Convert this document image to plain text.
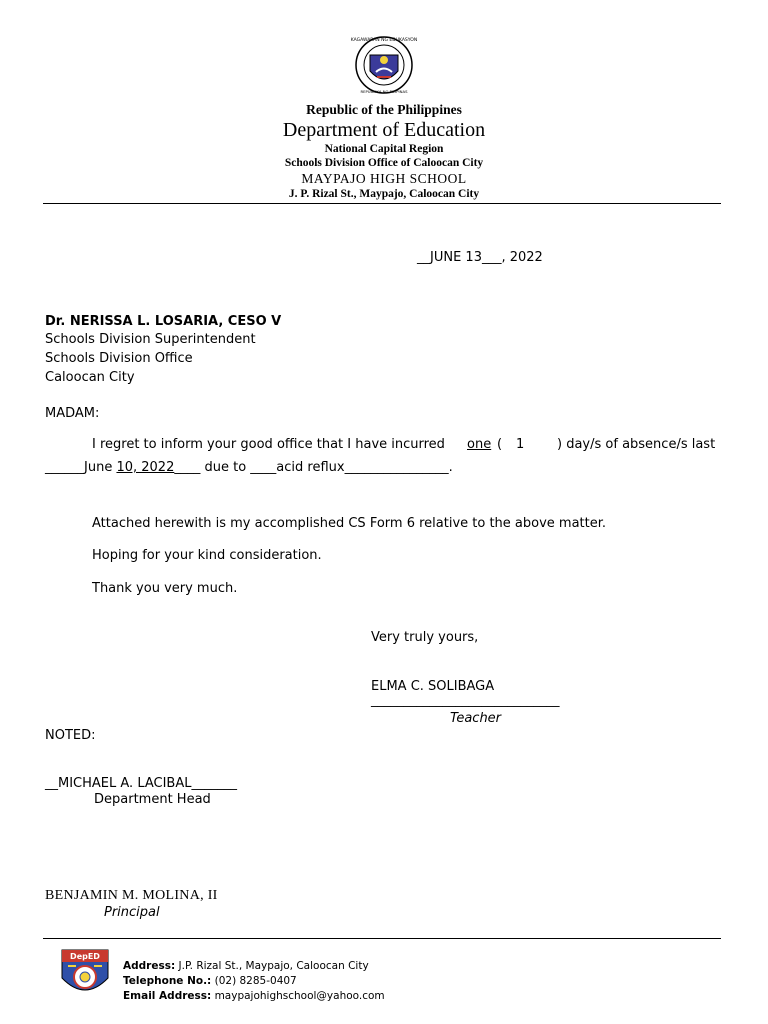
KAGAWARAN NG EDUKASYON
REPUBLIKA NG PILIPINAS
Republic of the Philippines
Department of Education
National Capital Region
Schools Division Office of Caloocan City
MAYPAJO HIGH SCHOOL
J. P. Rizal St., Maypajo, Caloocan City
__JUNE 13___, 2022
Dr. NERISSA L. LOSARIA, CESO V
Schools Division Superintendent
Schools Division Office
Caloocan City
MADAM:
I regret to inform your good office that I have incurred one ( 1	) day/s of absence/s last
______June 10, 2022____ due to ____acid reflux________________.
Attached herewith is my accomplished CS Form 6 relative to the above matter.
Hoping for your kind consideration.
Thank you very much.
Very truly yours,
ELMA C. SOLIBAGA
_____________________________
Teacher
NOTED:
__MICHAEL A. LACIBAL_______
Department Head
BENJAMIN M. MOLINA, II
Principal
DepED
Address: J.P. Rizal St., Maypajo, Caloocan City
Telephone No.: (02) 8285-0407
Email Address: maypajohighschool@yahoo.com
